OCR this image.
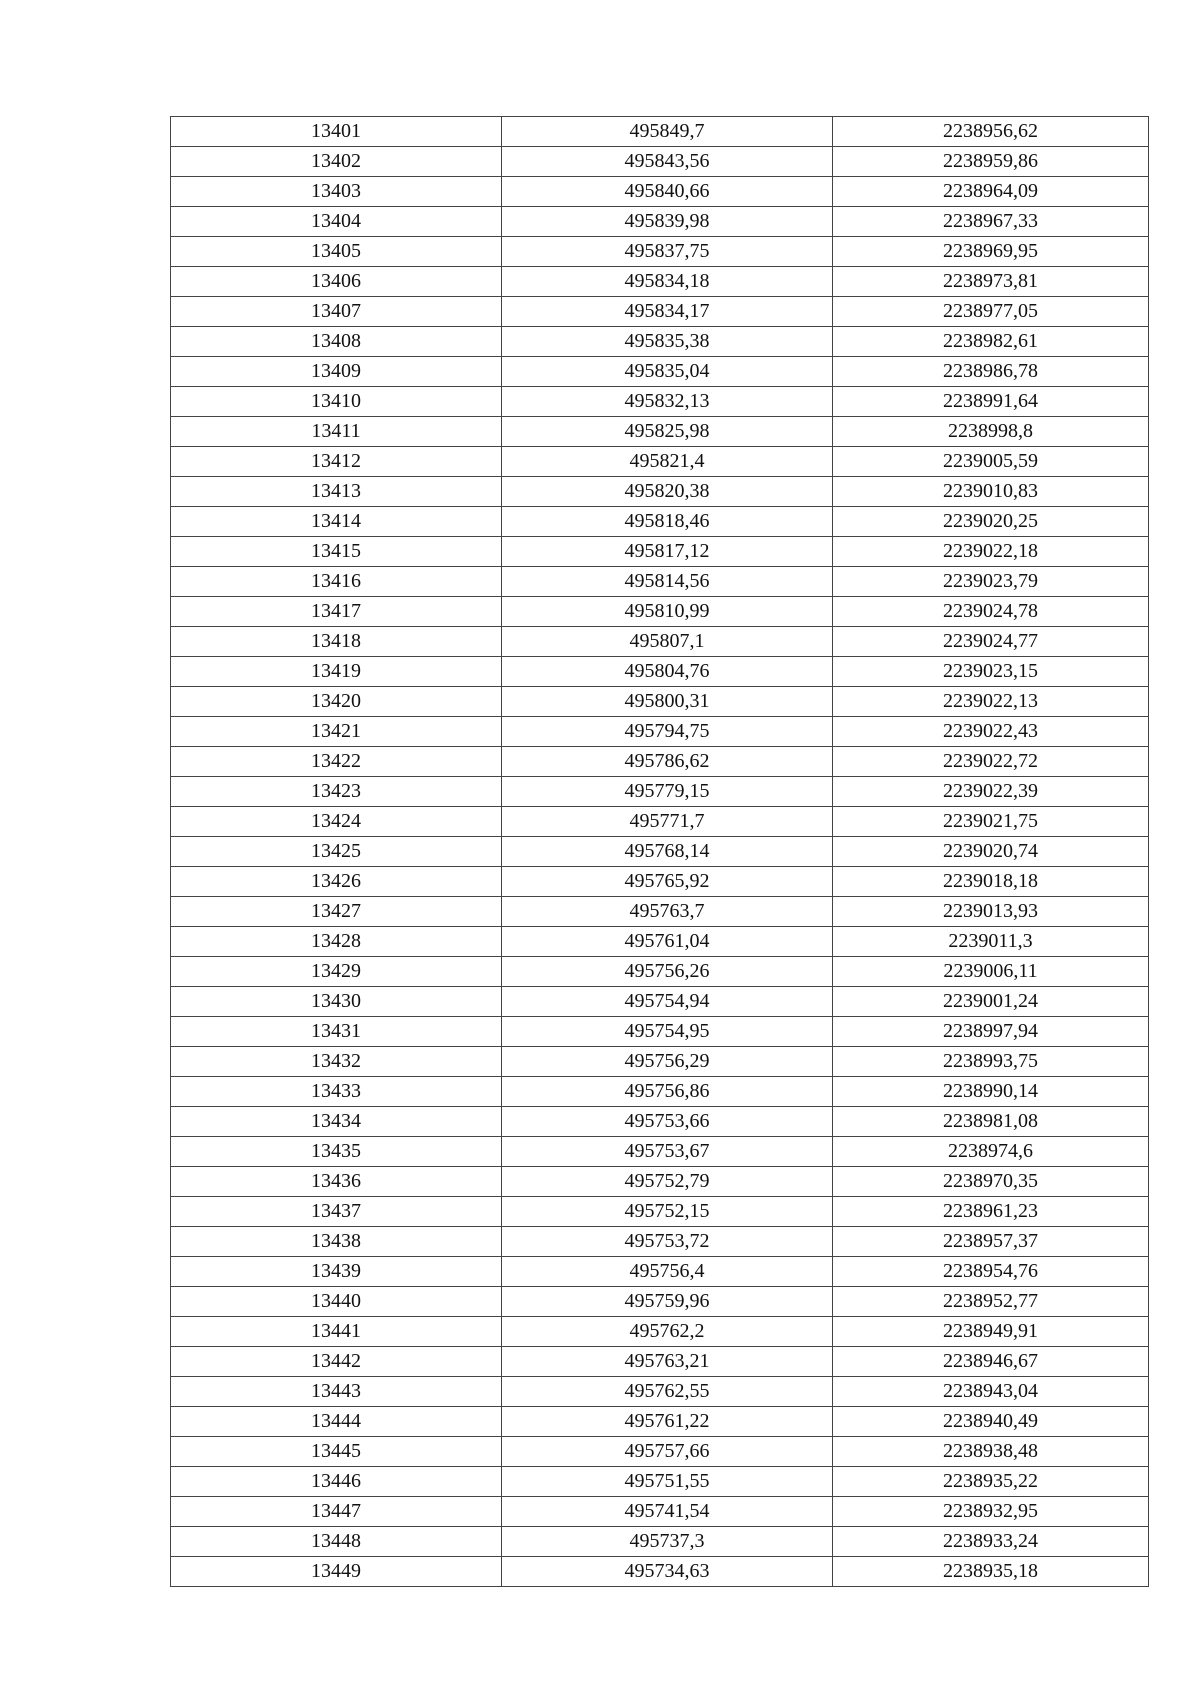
13401	495849,7	2238956,62
13402	495843,56	2238959,86
13403	495840,66	2238964,09
13404	495839,98	2238967,33
13405	495837,75	2238969,95
13406	495834,18	2238973,81
13407	495834,17	2238977,05
13408	495835,38	2238982,61
13409	495835,04	2238986,78
13410	495832,13	2238991,64
13411	495825,98	2238998,8
13412	495821,4	2239005,59
13413	495820,38	2239010,83
13414	495818,46	2239020,25
13415	495817,12	2239022,18
13416	495814,56	2239023,79
13417	495810,99	2239024,78
13418	495807,1	2239024,77
13419	495804,76	2239023,15
13420	495800,31	2239022,13
13421	495794,75	2239022,43
13422	495786,62	2239022,72
13423	495779,15	2239022,39
13424	495771,7	2239021,75
13425	495768,14	2239020,74
13426	495765,92	2239018,18
13427	495763,7	2239013,93
13428	495761,04	2239011,3
13429	495756,26	2239006,11
13430	495754,94	2239001,24
13431	495754,95	2238997,94
13432	495756,29	2238993,75
13433	495756,86	2238990,14
13434	495753,66	2238981,08
13435	495753,67	2238974,6
13436	495752,79	2238970,35
13437	495752,15	2238961,23
13438	495753,72	2238957,37
13439	495756,4	2238954,76
13440	495759,96	2238952,77
13441	495762,2	2238949,91
13442	495763,21	2238946,67
13443	495762,55	2238943,04
13444	495761,22	2238940,49
13445	495757,66	2238938,48
13446	495751,55	2238935,22
13447	495741,54	2238932,95
13448	495737,3	2238933,24
13449	495734,63	2238935,18
